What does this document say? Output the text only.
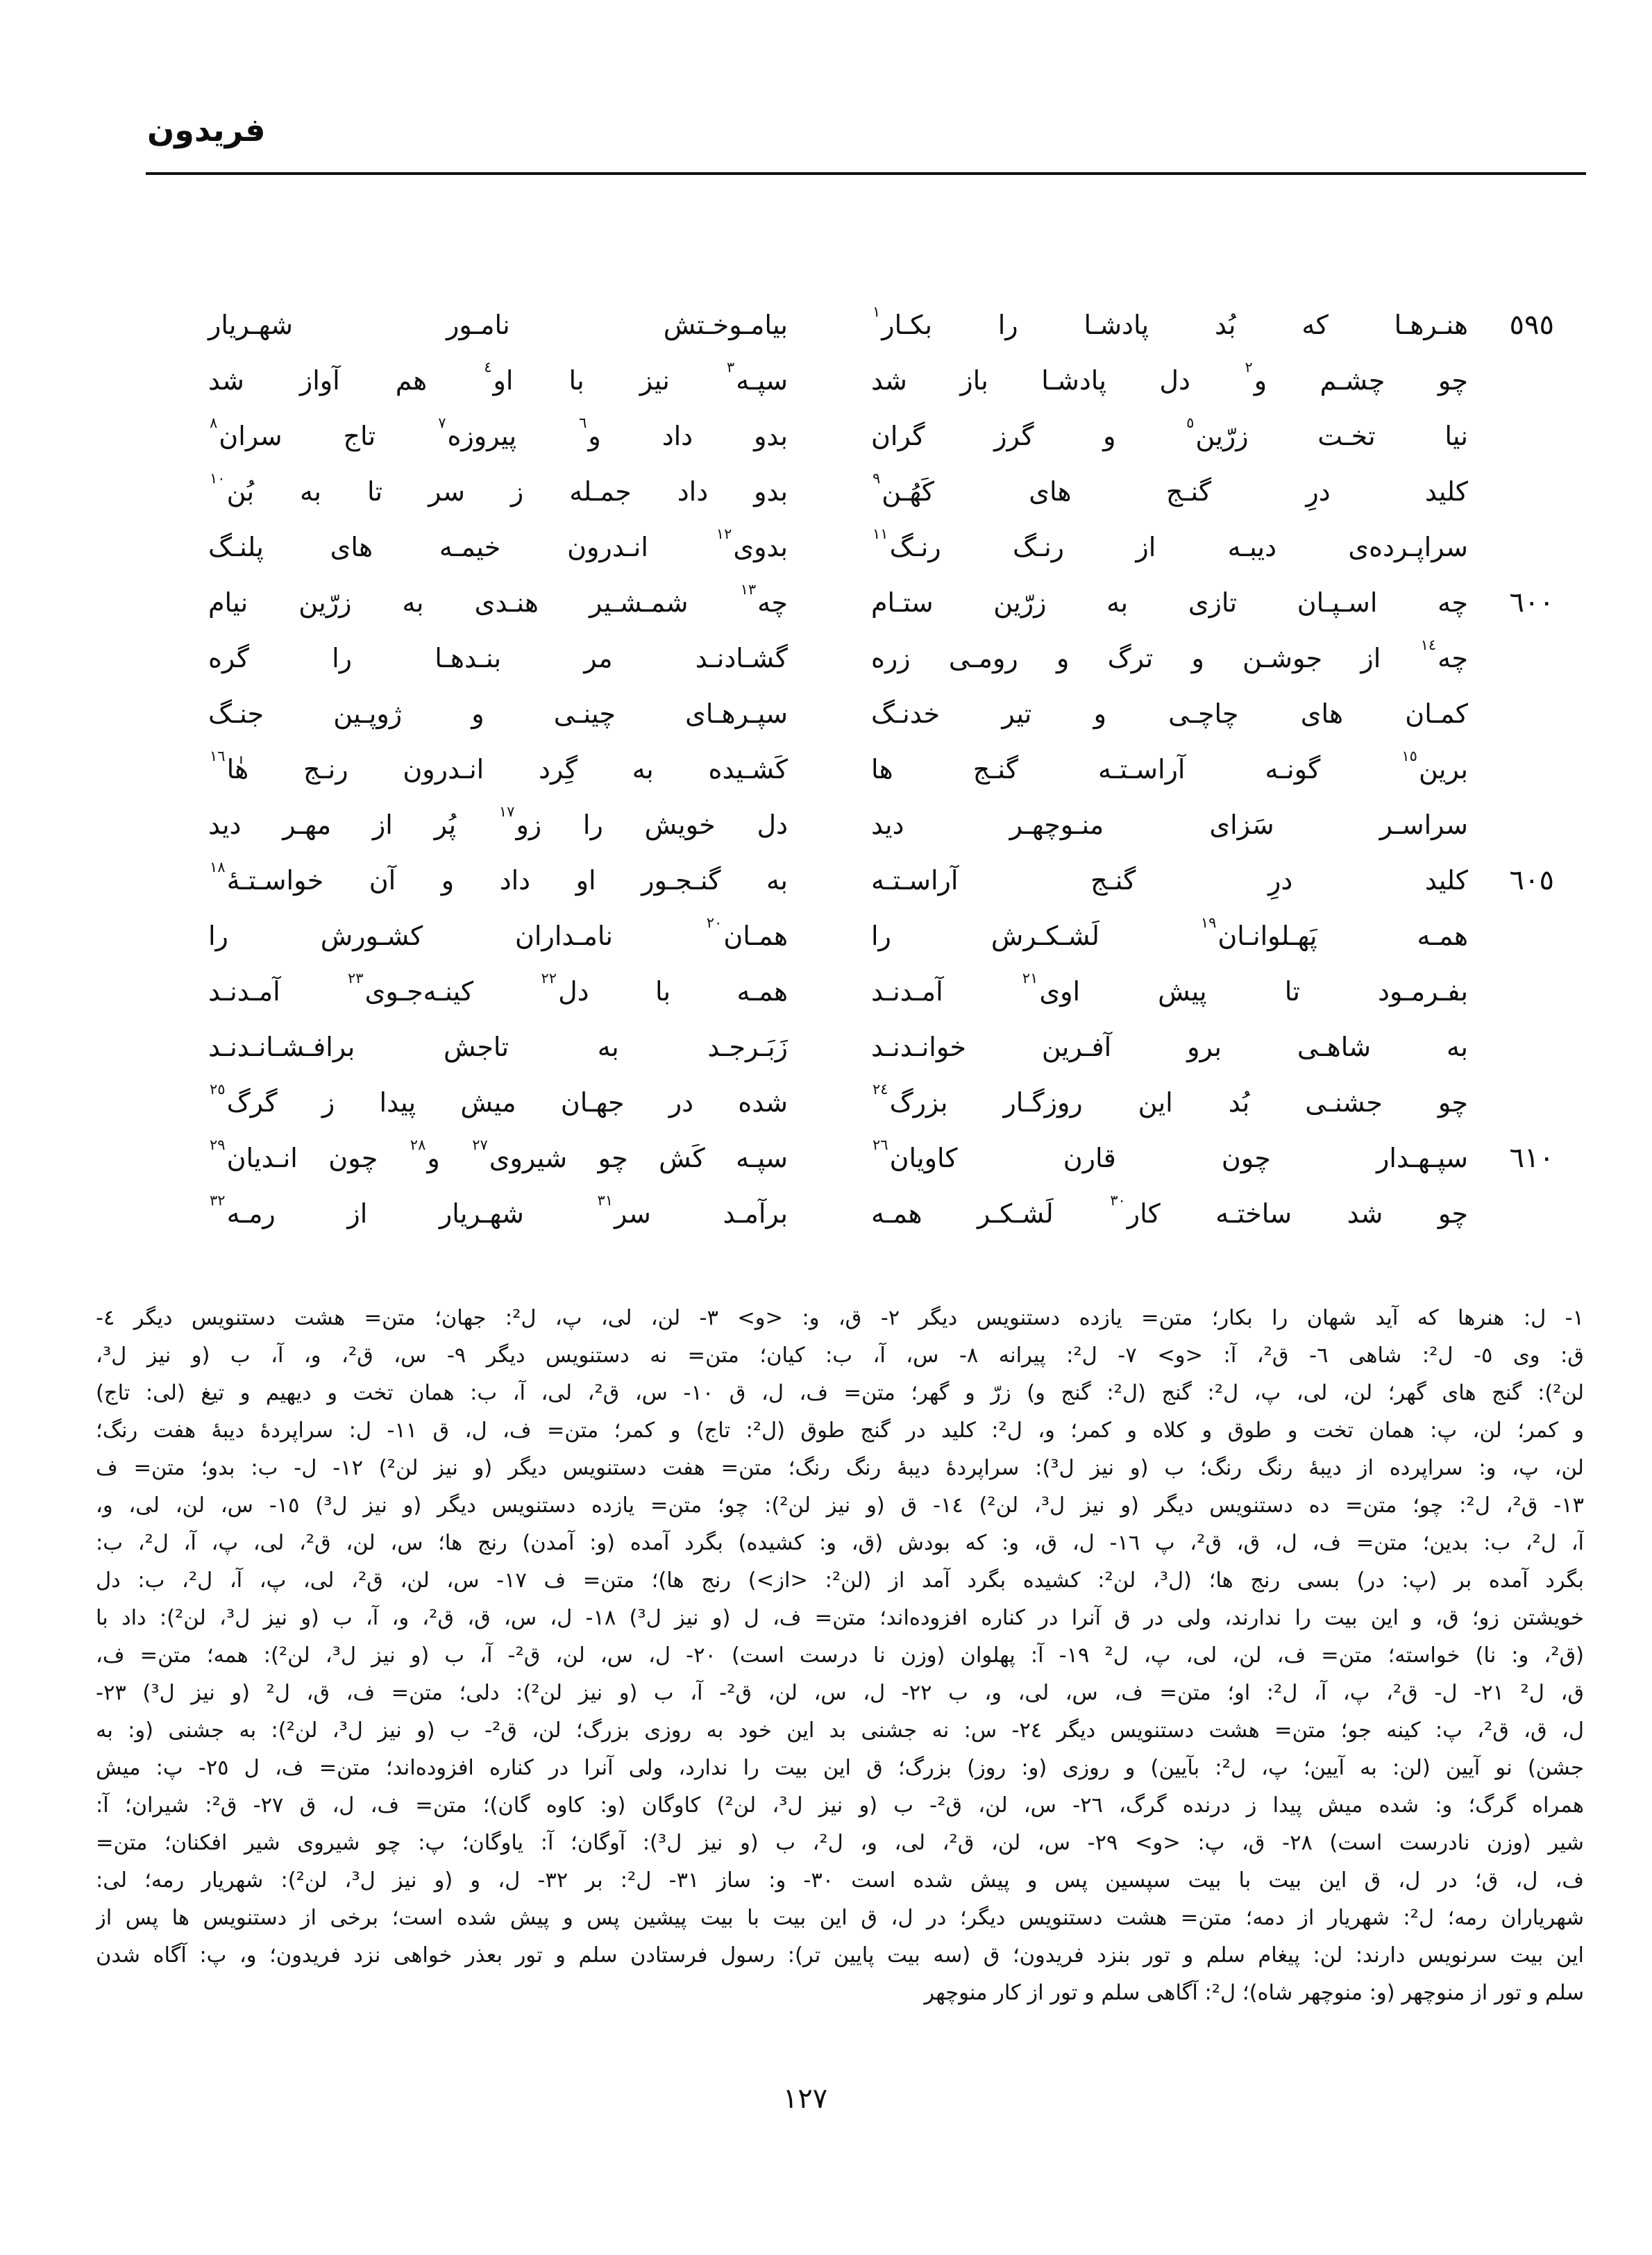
فریدون
٥٩٥
هنـرهـا که بُد پادشـا را بکـار$^١$
بیامـوخـتش نامـور شهـریار
چو چشـم و$^٢$ دل پادشـا باز شد
سپـه$^٣$ نیز با او$^٤$ هم آواز شد
نیا تخـت زرّین$^٥$ و گرز گران
بدو داد و$^٦$ پیروزه$^٧$ تاج سران$^٨$
کلید درِ گنـج های کَهُـن$^٩$
بدو داد جمـله ز سر تا به بُن$^{١٠}$
سراپـرده‌ی دیبـه از رنـگ رنـگ$^{١١}$
بدوی$^{١٢}$ انـدرون خیمـه های پلنـگ
٦٠٠
چه اسـپـان تازی به زرّین ستـام
چه$^{١٣}$ شمـشـیر هنـدی به زرّین نیام
چه$^{١٤}$ از جوشـن و ترگ و رومـی زره
گشـادنـد مر بنـدهـا را گره
کمـان های چاچـی و تیر خدنـگ
سپـرهـای چینـی و ژوپـین جنـگ
برین$^{١٥}$ گونـه آراسـتـه گنـج ها
کَشـیده به گِرد انـدرون رنـج هٰا$^{١٦}$
سراسـر سَزای منـوچهـر دید
دل خویش را زو$^{١٧}$ پُر از مهـر دید
٦٠٥
کلید درِ گنـج آراسـتـه
به گنـجـور او داد و آن خواسـتـهٔ$^{١٨}$
همـه پَهـلوانـان$^{١٩}$ لَشـکـرش را
همـان$^{٢٠}$ نامـداران کشـورش را
بفـرمـود تا پیش اوی$^{٢١}$ آمـدنـد
همـه با دل$^{٢٢}$ کینـه‌جـوی$^{٢٣}$ آمـدنـد
به شاهـی برو آفـرین خوانـدنـد
زَبَـرجـد به تاجش برافـشـانـدنـد
چو جشنـی بُد این روزگـار بزرگ$^{٢٤}$
شده در جهـان میش پیدا ز گرگ$^{٢٥}$
٦١٠
سپـهـدار چون قارن کاویان$^{٢٦}$
سپـه کَش چو شیروی$^{٢٧}$ و$^{٢٨}$ چون انـدیان$^{٢٩}$
چو شد ساختـه کار$^{٣٠}$ لَشـکـر همـه
برآمـد سر$^{٣١}$ شهـریار از رمـه$^{٣٢}$
١- ل: هنرها که آید شهان را بکار؛ متن= یازده دستنویس دیگر ٢- ق، و: <و> ٣- لن، لی، پ، ل²: جهان؛ متن= هشت دستنویس دیگر ٤-
ق: وی ٥- ل²: شاهی ٦- ق²، آ: <و> ٧- ل²: پیرانه ٨- س، آ، ب: کیان؛ متن= نه دستنویس دیگر ٩- س، ق²، و، آ، ب (و نیز ل³،
لن²): گنج های گهر؛ لن، لی، پ، ل²: گنج (ل²: گنج و) زرّ و گهر؛ متن= ف، ل، ق ١٠- س، ق²، لی، آ، ب: همان تخت و دیهیم و تیغ (لی: تاج)
و کمر؛ لن، پ: همان تخت و طوق و کلاه و کمر؛ و، ل²: کلید در گنج طوق (ل²: تاج) و کمر؛ متن= ف، ل، ق ١١- ل: سراپردهٔ دیبهٔ هفت رنگ؛
لن، پ، و: سراپرده از دیبهٔ رنگ رنگ؛ ب (و نیز ل³): سراپردهٔ دیبهٔ رنگ رنگ؛ متن= هفت دستنویس دیگر (و نیز لن²) ١٢- ل- ب: بدو؛ متن= ف
١٣- ق²، ل²: چو؛ متن= ده دستنویس دیگر (و نیز ل³، لن²) ١٤- ق (و نیز لن²): چو؛ متن= یازده دستنویس دیگر (و نیز ل³) ١٥- س، لن، لی، و،
آ، ل²، ب: بدین؛ متن= ف، ل، ق، ق²، پ ١٦- ل، ق، و: که بودش (ق، و: کشیده) بگرد آمده (و: آمدن) رنج ها؛ س، لن، ق²، لی، پ، آ، ل²، ب:
بگرد آمده بر (پ: در) بسی رنج ها؛ (ل³، لن²: کشیده بگرد آمد از (لن²: <از>) رنج ها)؛ متن= ف ١٧- س، لن، ق²، لی، پ، آ، ل²، ب: دل
خویشتن زو؛ ق، و این بیت را ندارند، ولی در ق آنرا در کناره افزوده‌اند؛ متن= ف، ل (و نیز ل³) ١٨- ل، س، ق، ق²، و، آ، ب (و نیز ل³، لن²): داد با
(ق²، و: نا) خواسته؛ متن= ف، لن، لی، پ، ل² ١٩- آ: پهلوان (وزن نا درست است) ٢٠- ل، س، لن، ق²- آ، ب (و نیز ل³، لن²): همه؛ متن= ف،
ق، ل² ٢١- ل- ق²، پ، آ، ل²: او؛ متن= ف، س، لی، و، ب ٢٢- ل، س، لن، ق²- آ، ب (و نیز لن²): دلی؛ متن= ف، ق، ل² (و نیز ل³) ٢٣-
ل، ق، ق²، پ: کینه جو؛ متن= هشت دستنویس دیگر ٢٤- س: نه جشنی بد این خود به روزی بزرگ؛ لن، ق²- ب (و نیز ل³، لن²): به جشنی (و: به
جشن) نو آیین (لن: به آیین؛ پ، ل²: بآیین) و روزی (و: روز) بزرگ؛ ق این بیت را ندارد، ولی آنرا در کناره افزوده‌اند؛ متن= ف، ل ٢٥- پ: میش
همراه گرگ؛ و: شده میش پیدا ز درنده گرگ، ٢٦- س، لن، ق²- ب (و نیز ل³، لن²) کاوگان (و: کاوه گان)؛ متن= ف، ل، ق ٢٧- ق²: شیران؛ آ:
شیر (وزن نادرست است) ٢٨- ق، پ: <و> ٢٩- س، لن، ق²، لی، و، ل²، ب (و نیز ل³): آوگان؛ آ: یاوگان؛ پ: چو شیروی شیر افکنان؛ متن=
ف، ل، ق؛ در ل، ق این بیت با بیت سپسین پس و پیش شده است ٣٠- و: ساز ٣١- ل²: بر ٣٢- ل، و (و نیز ل³، لن²): شهریار رمه؛ لی:
شهریاران رمه؛ ل²: شهریار از دمه؛ متن= هشت دستنویس دیگر؛ در ل، ق این بیت با بیت پیشین پس و پیش شده است؛ برخی از دستنویس ها پس از
این بیت سرنویس دارند: لن: پیغام سلم و تور بنزد فریدون؛ ق (سه بیت پایین تر): رسول فرستادن سلم و تور بعذر خواهی نزد فریدون؛ و، پ: آگاه شدن
سلم و تور از منوچهر (و: منوچهر شاه)؛ ل²: آگاهی سلم و تور از کار منوچهر
١٢٧
